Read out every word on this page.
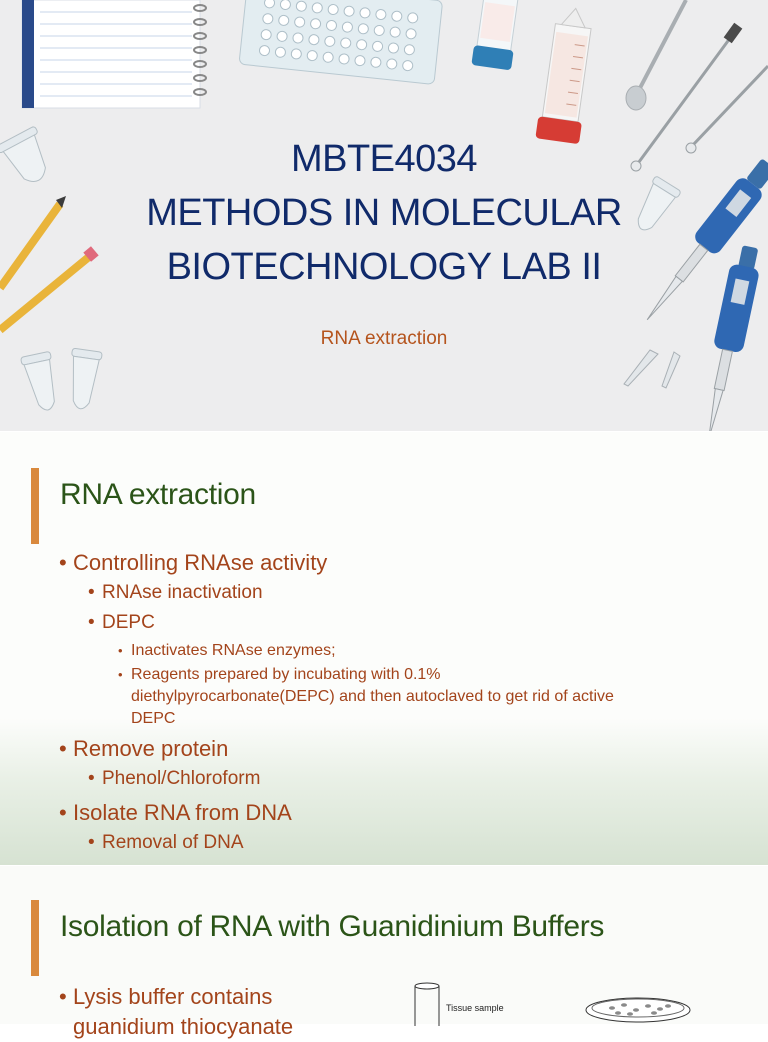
MBTE4034
METHODS IN MOLECULAR
BIOTECHNOLOGY LAB II
RNA extraction
RNA extraction
• Controlling RNAse activity
• RNAse inactivation
• DEPC
• Inactivates RNAse enzymes;
• Reagents prepared by incubating with 0.1%
diethylpyrocarbonate(DEPC) and then autoclaved to get rid of active
DEPC
• Remove protein
• Phenol/Chloroform
• Isolate RNA from DNA
• Removal of DNA
Isolation of RNA with Guanidinium Buffers
• Lysis buffer contains
guanidium thiocyanate
Tissue sample
